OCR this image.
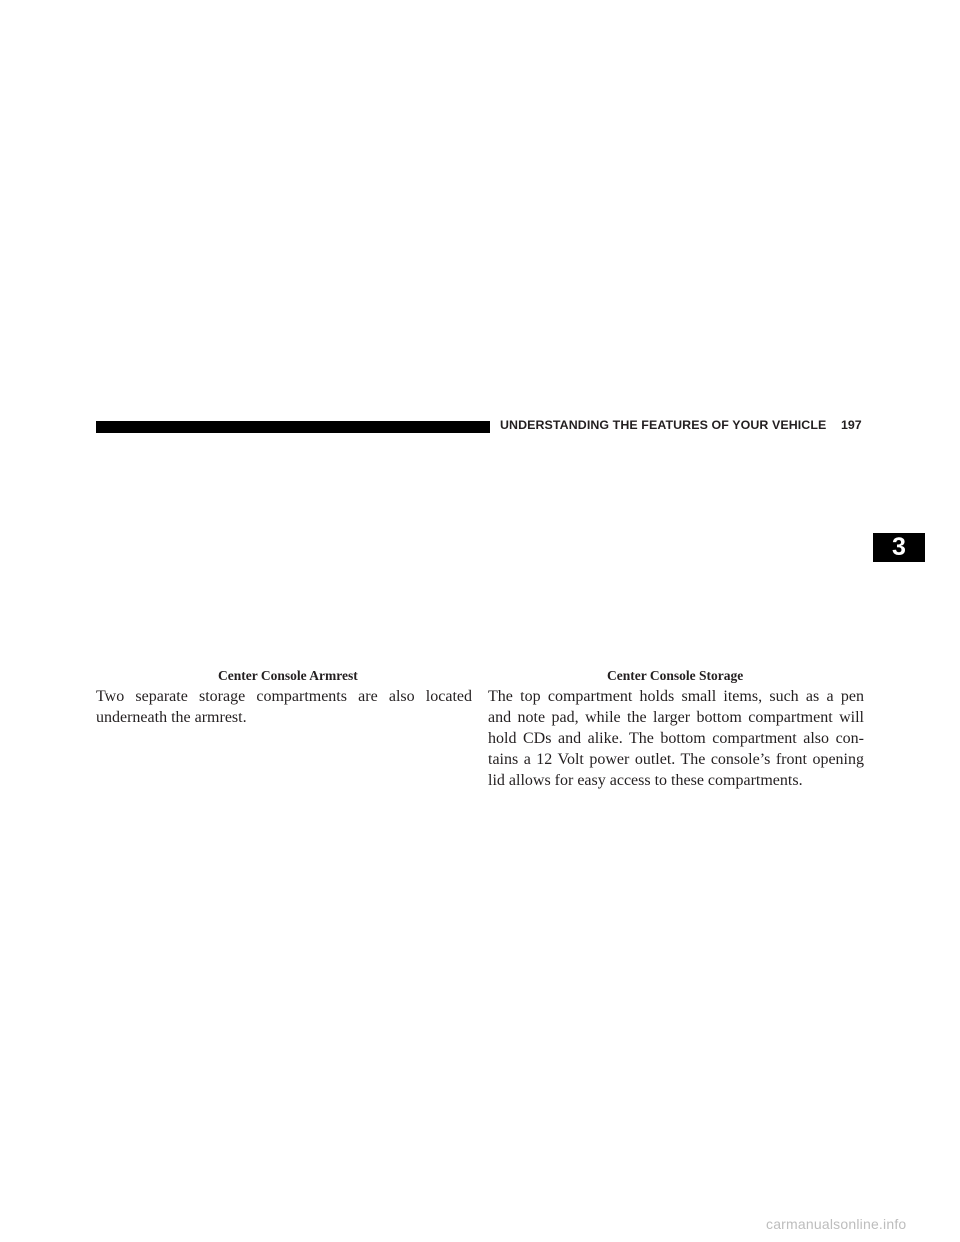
UNDERSTANDING THE FEATURES OF YOUR VEHICLE 197
3
Center Console Armrest	Center Console Storage
Two separate storage compartments are also located
underneath the armrest.
The top compartment holds small items, such as a pen
and note pad, while the larger bottom compartment will
hold CDs and alike. The bottom compartment also con-
tains a 12 Volt power outlet. The console’s front opening
lid allows for easy access to these compartments.
carmanualsonline.info
